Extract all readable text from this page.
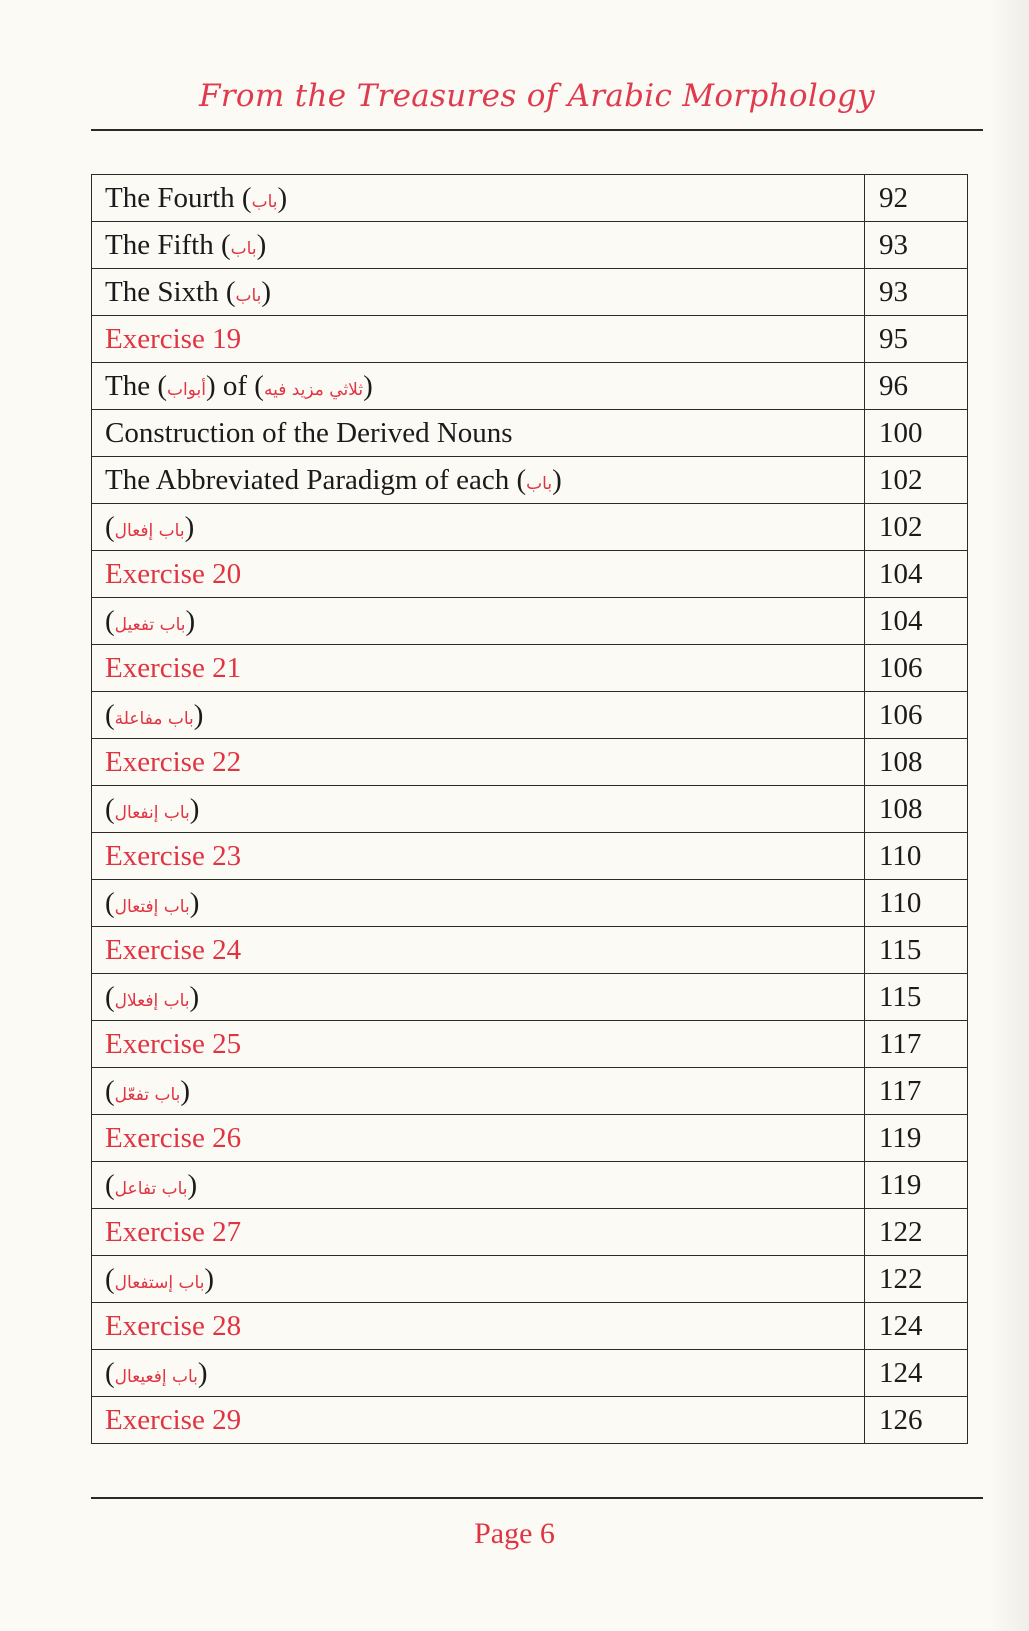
From the Treasures of Arabic Morphology
The Fourth (باب)	92
The Fifth (باب)	93
The Sixth (باب)	93
Exercise 19	95
The (أبواب) of (ثلاثي مزيد فيه)	96
Construction of the Derived Nouns	100
The Abbreviated Paradigm of each (باب)	102
(باب إفعال)	102
Exercise 20	104
(باب تفعيل)	104
Exercise 21	106
(باب مفاعلة)	106
Exercise 22	108
(باب إنفعال)	108
Exercise 23	110
(باب إفتعال)	110
Exercise 24	115
(باب إفعلال)	115
Exercise 25	117
(باب تفعّل)	117
Exercise 26	119
(باب تفاعل)	119
Exercise 27	122
(باب إستفعال)	122
Exercise 28	124
(باب إفعيعال)	124
Exercise 29	126
Page 6
